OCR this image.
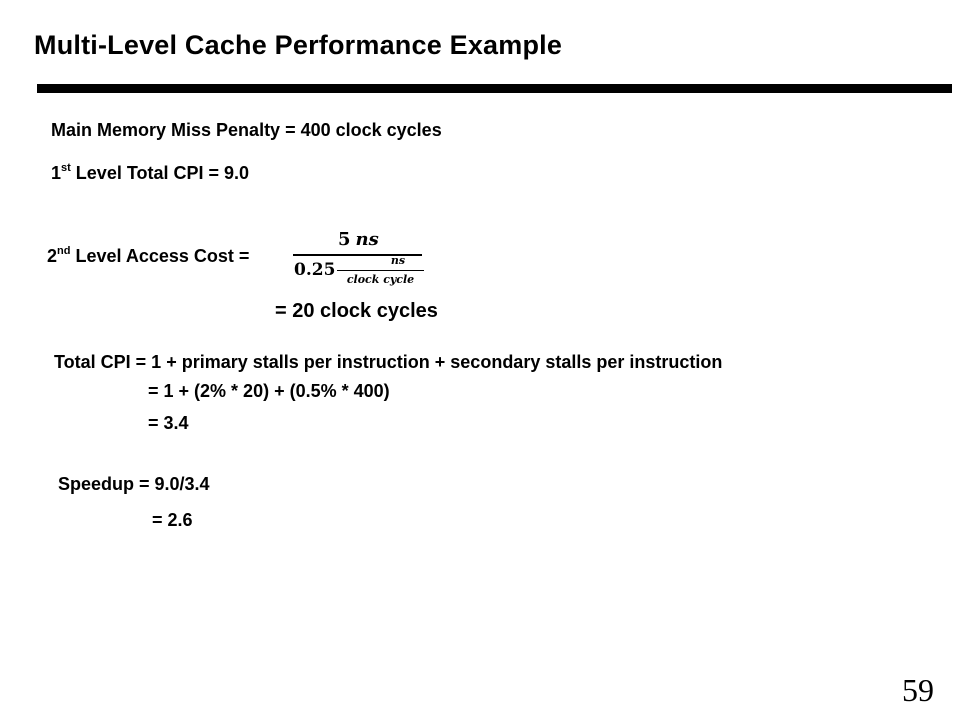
Multi-Level Cache Performance Example
Main Memory Miss Penalty = 400 clock cycles
1st Level Total CPI = 9.0
2nd Level Access Cost =
5 ns
0.25	ns
clock cycle
= 20 clock cycles
Total CPI = 1 + primary stalls per instruction + secondary stalls per instruction
= 1 + (2% * 20) + (0.5% * 400)
= 3.4
Speedup = 9.0/3.4
= 2.6
59
